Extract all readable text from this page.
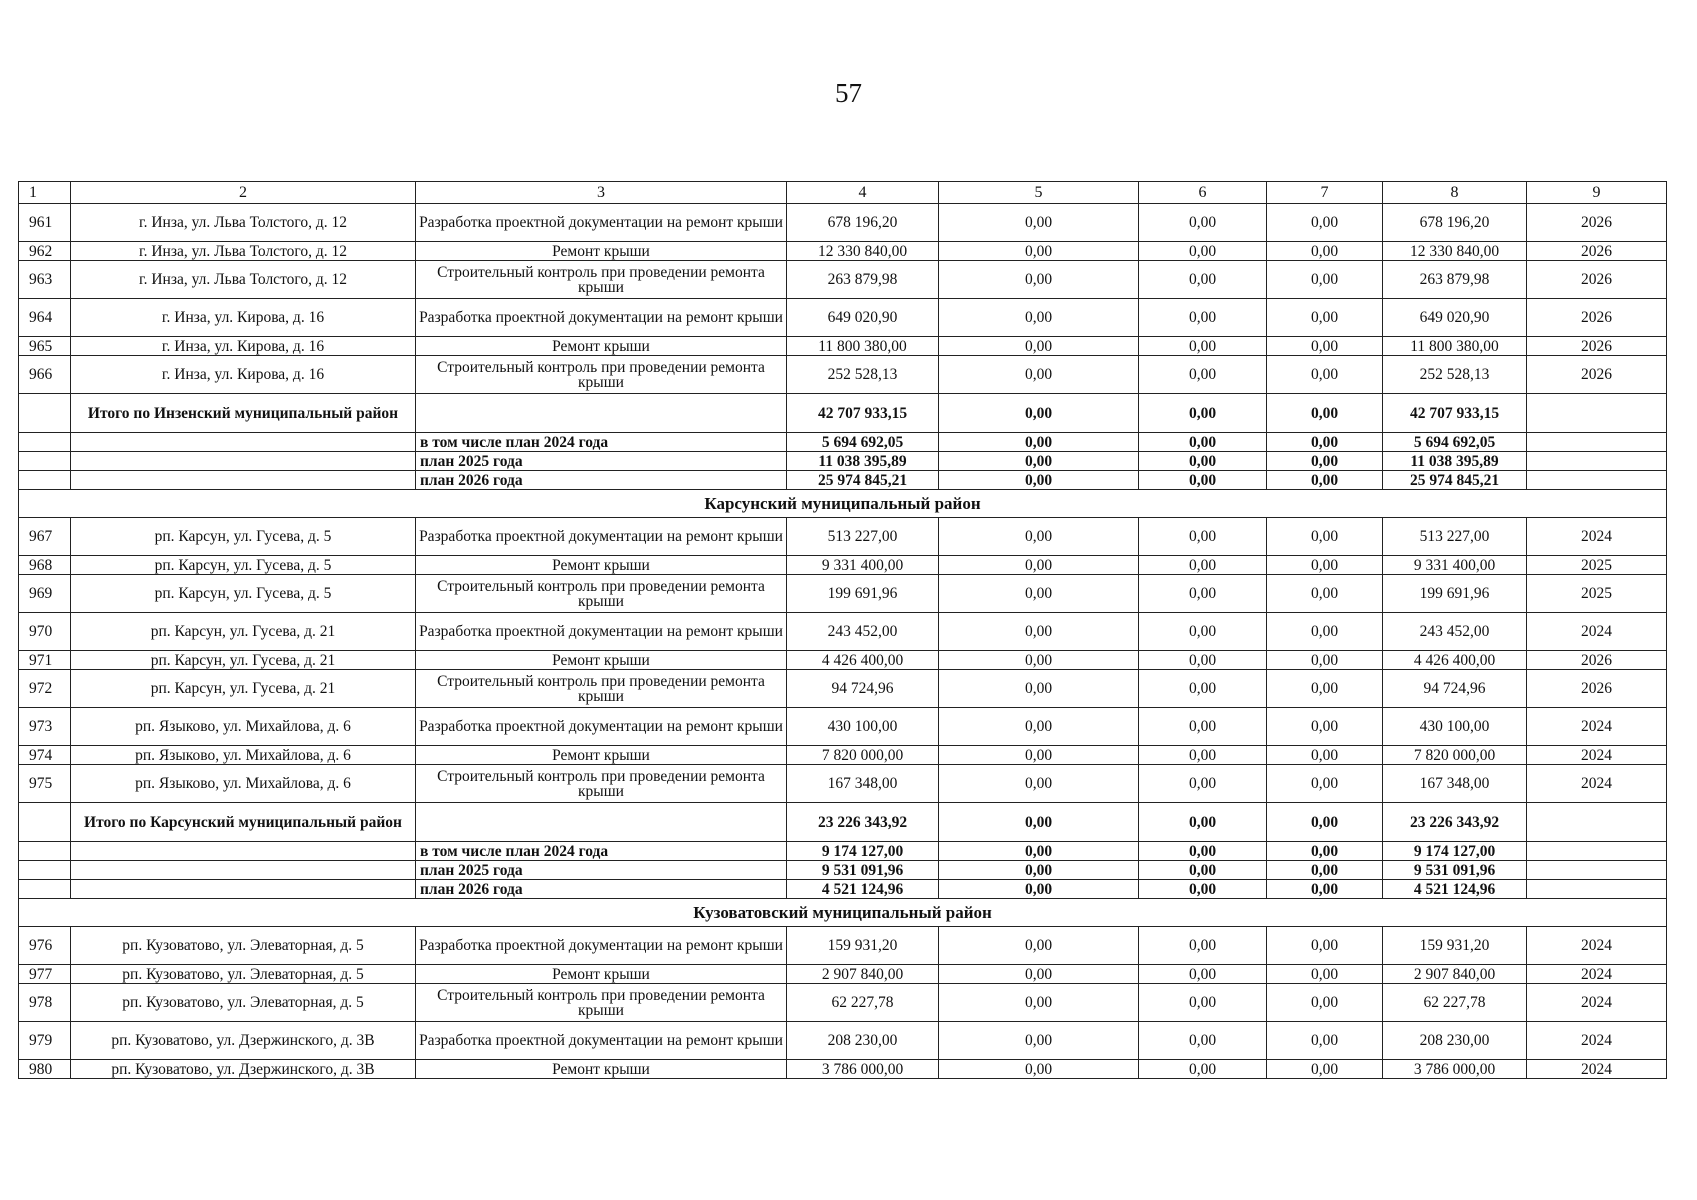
57
1	2	3	4	5	6	7	8	9
961	г. Инза, ул. Льва Толстого, д. 12	Разработка проектной документации на ремонт крыши	678 196,20	0,00	0,00	0,00	678 196,20	2026
962	г. Инза, ул. Льва Толстого, д. 12	Ремонт крыши	12 330 840,00	0,00	0,00	0,00	12 330 840,00	2026
963	г. Инза, ул. Льва Толстого, д. 12	Строительный контроль при проведении ремонта крыши	263 879,98	0,00	0,00	0,00	263 879,98	2026
964	г. Инза, ул. Кирова, д. 16	Разработка проектной документации на ремонт крыши	649 020,90	0,00	0,00	0,00	649 020,90	2026
965	г. Инза, ул. Кирова, д. 16	Ремонт крыши	11 800 380,00	0,00	0,00	0,00	11 800 380,00	2026
966	г. Инза, ул. Кирова, д. 16	Строительный контроль при проведении ремонта крыши	252 528,13	0,00	0,00	0,00	252 528,13	2026
	Итого по Инзенский муниципальный район		42 707 933,15	0,00	0,00	0,00	42 707 933,15	
		в том числе план 2024 года	5 694 692,05	0,00	0,00	0,00	5 694 692,05	
		план 2025 года	11 038 395,89	0,00	0,00	0,00	11 038 395,89	
		план 2026 года	25 974 845,21	0,00	0,00	0,00	25 974 845,21	
Карсунский муниципальный район								
967	рп. Карсун, ул. Гусева, д. 5	Разработка проектной документации на ремонт крыши	513 227,00	0,00	0,00	0,00	513 227,00	2024
968	рп. Карсун, ул. Гусева, д. 5	Ремонт крыши	9 331 400,00	0,00	0,00	0,00	9 331 400,00	2025
969	рп. Карсун, ул. Гусева, д. 5	Строительный контроль при проведении ремонта крыши	199 691,96	0,00	0,00	0,00	199 691,96	2025
970	рп. Карсун, ул. Гусева, д. 21	Разработка проектной документации на ремонт крыши	243 452,00	0,00	0,00	0,00	243 452,00	2024
971	рп. Карсун, ул. Гусева, д. 21	Ремонт крыши	4 426 400,00	0,00	0,00	0,00	4 426 400,00	2026
972	рп. Карсун, ул. Гусева, д. 21	Строительный контроль при проведении ремонта крыши	94 724,96	0,00	0,00	0,00	94 724,96	2026
973	рп. Языково, ул. Михайлова, д. 6	Разработка проектной документации на ремонт крыши	430 100,00	0,00	0,00	0,00	430 100,00	2024
974	рп. Языково, ул. Михайлова, д. 6	Ремонт крыши	7 820 000,00	0,00	0,00	0,00	7 820 000,00	2024
975	рп. Языково, ул. Михайлова, д. 6	Строительный контроль при проведении ремонта крыши	167 348,00	0,00	0,00	0,00	167 348,00	2024
	Итого по Карсунский муниципальный район		23 226 343,92	0,00	0,00	0,00	23 226 343,92	
		в том числе план 2024 года	9 174 127,00	0,00	0,00	0,00	9 174 127,00	
		план 2025 года	9 531 091,96	0,00	0,00	0,00	9 531 091,96	
		план 2026 года	4 521 124,96	0,00	0,00	0,00	4 521 124,96	
Кузоватовский муниципальный район								
976	рп. Кузоватово, ул. Элеваторная, д. 5	Разработка проектной документации на ремонт крыши	159 931,20	0,00	0,00	0,00	159 931,20	2024
977	рп. Кузоватово, ул. Элеваторная, д. 5	Ремонт крыши	2 907 840,00	0,00	0,00	0,00	2 907 840,00	2024
978	рп. Кузоватово, ул. Элеваторная, д. 5	Строительный контроль при проведении ремонта крыши	62 227,78	0,00	0,00	0,00	62 227,78	2024
979	рп. Кузоватово, ул. Дзержинского, д. 3В	Разработка проектной документации на ремонт крыши	208 230,00	0,00	0,00	0,00	208 230,00	2024
980	рп. Кузоватово, ул. Дзержинского, д. 3В	Ремонт крыши	3 786 000,00	0,00	0,00	0,00	3 786 000,00	2024
